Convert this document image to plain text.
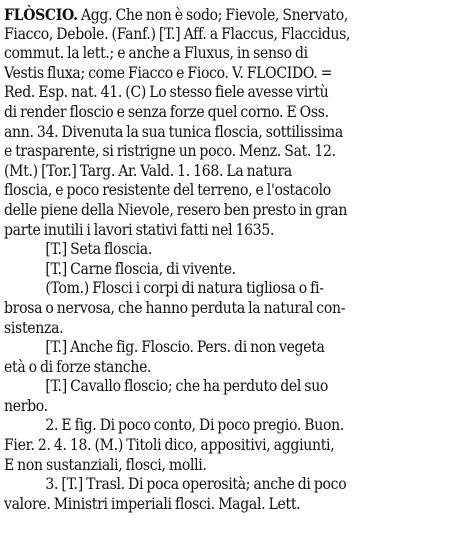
FLÒSCIO. Agg. Che non è sodo; Fievole, Snervato,
Fiacco, Debole. (Fanf.) [T.] Aff. a Flaccus, Flaccidus,
commut. la lett.; e anche a Fluxus, in senso di
Vestis fluxa; come Fiacco e Fioco. V. FLOCIDO. =
Red. Esp. nat. 41. (C) Lo stesso fiele avesse virtù
di render floscio e senza forze quel corno. E Oss.
ann. 34. Divenuta la sua tunica floscia, sottilissima
e trasparente, si ristrigne un poco. Menz. Sat. 12.
(Mt.) [Tor.] Targ. Ar. Vald. 1. 168. La natura
floscia, e poco resistente del terreno, e l'ostacolo
delle piene della Nievole, resero ben presto in gran
parte inutili i lavori stativi fatti nel 1635.
[T.] Seta floscia.
[T.] Carne floscia, di vivente.
(Tom.) Flosci i corpi di natura tigliosa o fi-
brosa o nervosa, che hanno perduta la natural con-
sistenza.
[T.] Anche fig. Floscio. Pers. di non vegeta
età o di forze stanche.
[T.] Cavallo floscio; che ha perduto del suo
nerbo.
2. E fig. Di poco conto, Di poco pregio. Buon.
Fier. 2. 4. 18. (M.) Titoli dico, appositivi, aggiunti,
E non sustanziali, flosci, molli.
3. [T.] Trasl. Di poca operosità; anche di poco
valore. Ministri imperiali flosci. Magal. Lett.
